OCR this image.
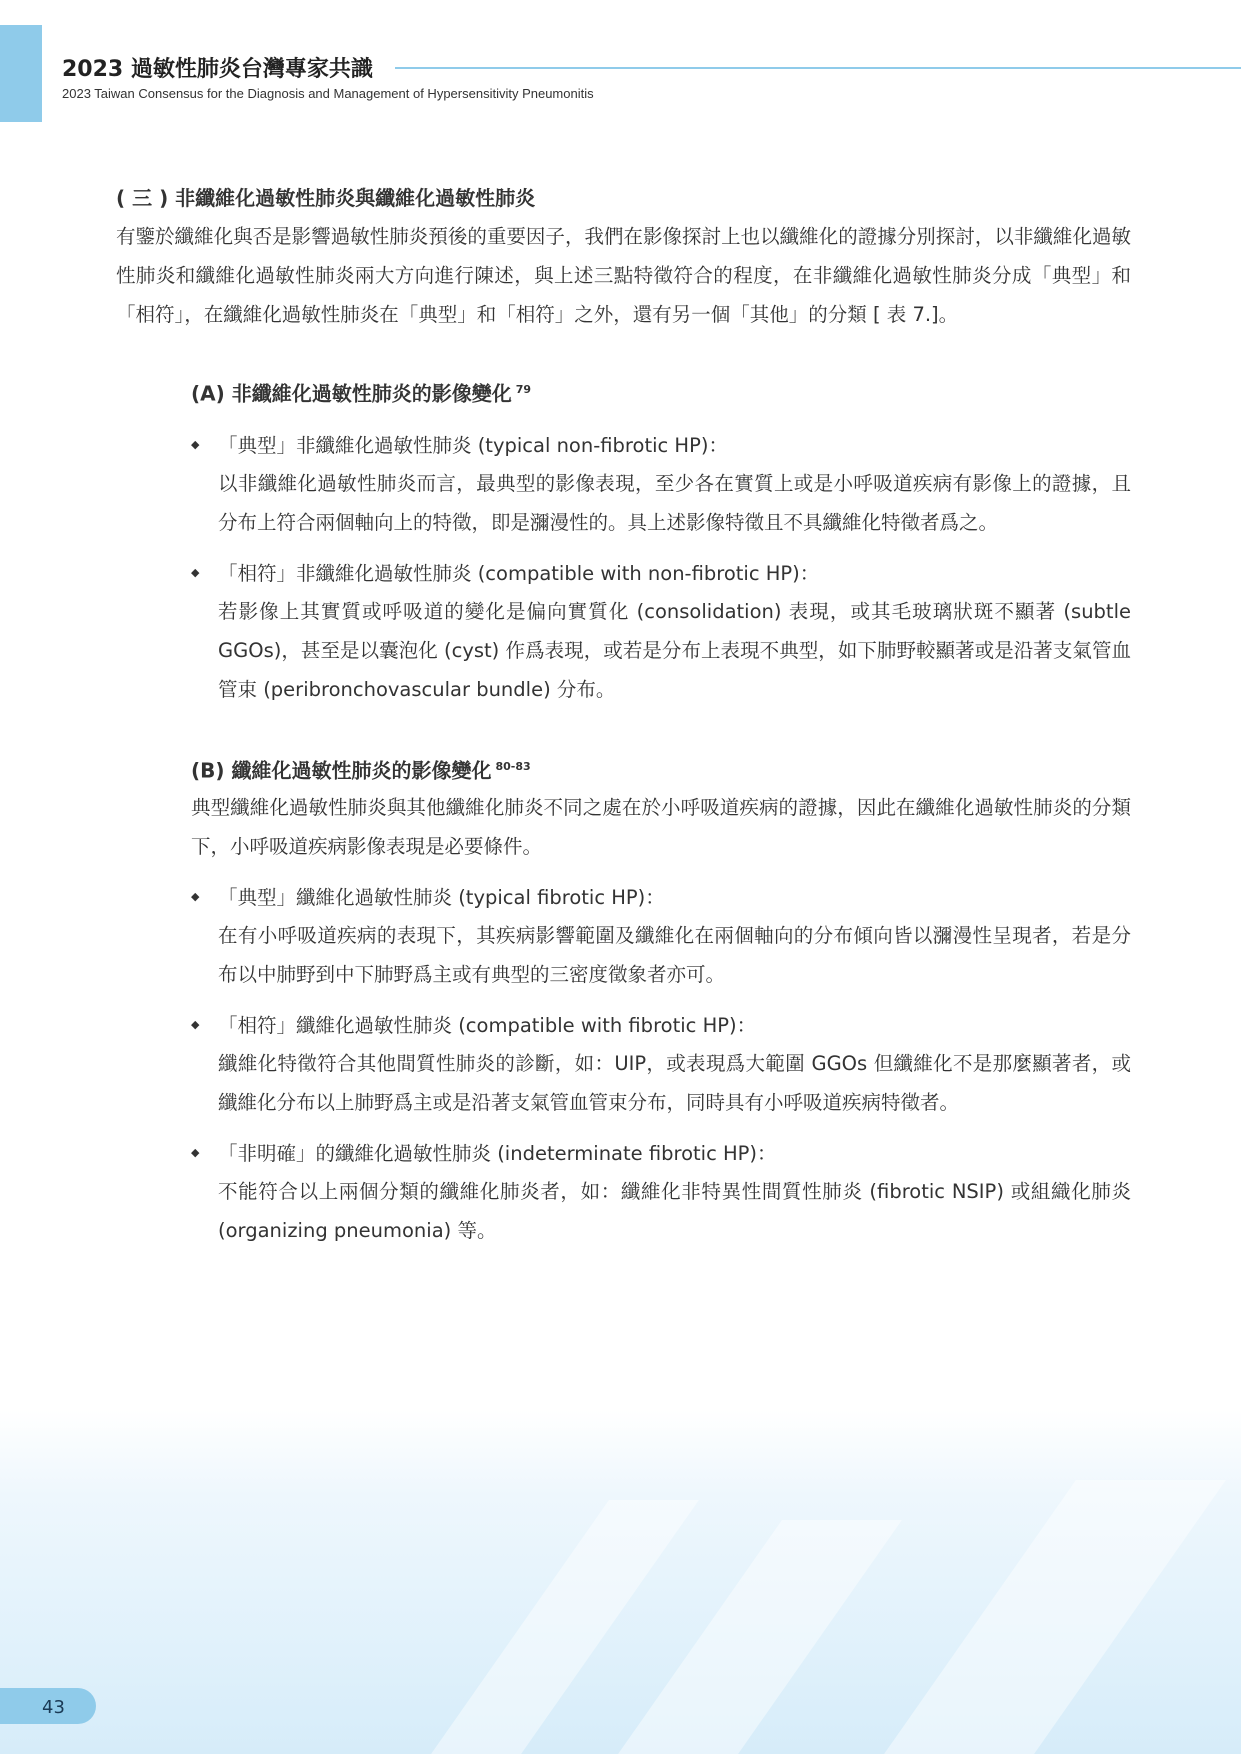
2023 過敏性肺炎台灣專家共識

2023 Taiwan Consensus for the Diagnosis and Management of Hypersensitivity Pneumonitis

( 三 ) 非纖維化過敏性肺炎與纖維化過敏性肺炎

有鑒於纖維化與否是影響過敏性肺炎預後的重要因子，我們在影像探討上也以纖維化的證據分別探討，以非纖維化過敏性肺炎和纖維化過敏性肺炎兩大方向進行陳述，與上述三點特徵符合的程度，在非纖維化過敏性肺炎分成「典型」和「相符」，在纖維化過敏性肺炎在「典型」和「相符」之外，還有另一個「其他」的分類 [ 表 7.]。

(A) 非纖維化過敏性肺炎的影像變化 $^{79}$
◆ 「典型」非纖維化過敏性肺炎 (typical non-fibrotic HP)：

以非纖維化過敏性肺炎而言，最典型的影像表現，至少各在實質上或是小呼吸道疾病有影像上的證據，且分布上符合兩個軸向上的特徵，即是瀰漫性的。具上述影像特徵且不具纖維化特徵者爲之。

◆ 「相符」非纖維化過敏性肺炎 (compatible with non-fibrotic HP)：

若影像上其實質或呼吸道的變化是偏向實質化 (consolidation) 表現，或其毛玻璃狀斑不顯著 (subtle GGOs)，甚至是以囊泡化 (cyst) 作爲表現，或若是分布上表現不典型，如下肺野較顯著或是沿著支氣管血管束 (peribronchovascular bundle) 分布。

(B) 纖維化過敏性肺炎的影像變化 $^{80-83}$

典型纖維化過敏性肺炎與其他纖維化肺炎不同之處在於小呼吸道疾病的證據，因此在纖維化過敏性肺炎的分類下，小呼吸道疾病影像表現是必要條件。

◆ 「典型」纖維化過敏性肺炎 (typical fibrotic HP)：

在有小呼吸道疾病的表現下，其疾病影響範圍及纖維化在兩個軸向的分布傾向皆以瀰漫性呈現者，若是分布以中肺野到中下肺野爲主或有典型的三密度徵象者亦可。

◆ 「相符」纖維化過敏性肺炎 (compatible with fibrotic HP)：

纖維化特徵符合其他間質性肺炎的診斷，如：UIP，或表現爲大範圍 GGOs 但纖維化不是那麼顯著者，或纖維化分布以上肺野爲主或是沿著支氣管血管束分布，同時具有小呼吸道疾病特徵者。

◆ 「非明確」的纖維化過敏性肺炎 (indeterminate fibrotic HP)：

不能符合以上兩個分類的纖維化肺炎者，如：纖維化非特異性間質性肺炎 (fibrotic NSIP) 或組織化肺炎 (organizing pneumonia) 等。

43
